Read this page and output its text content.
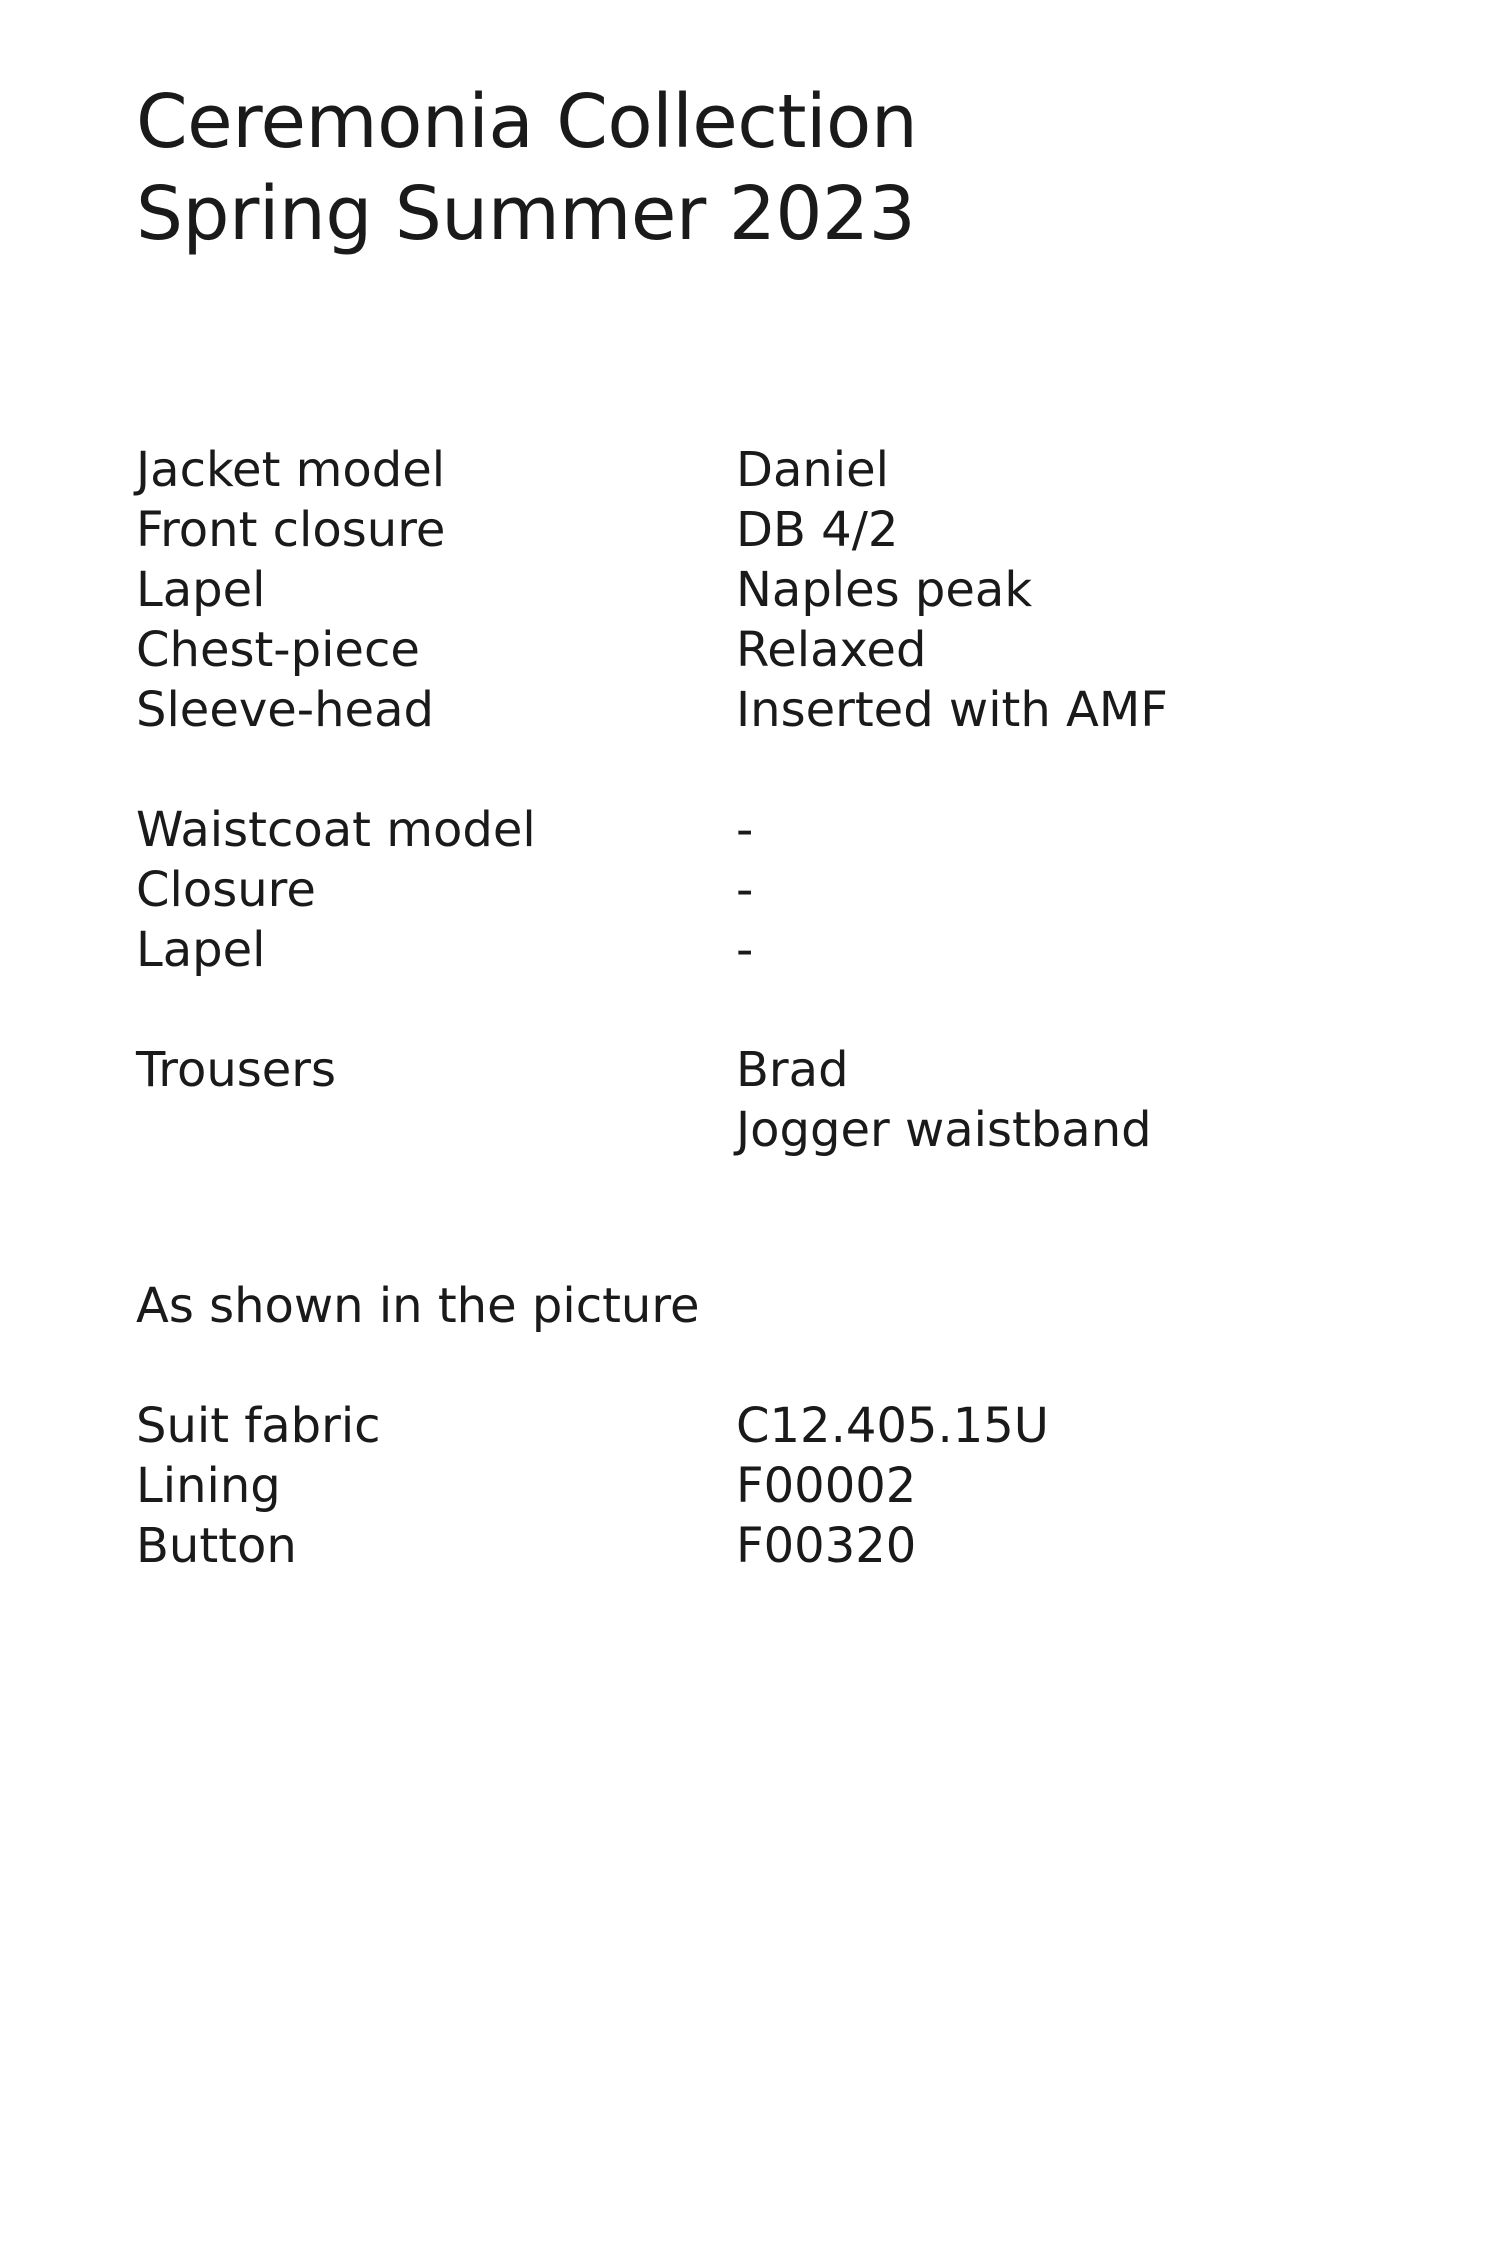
Ceremonia Collection
Spring Summer 2023
Jacket model	Daniel
Front closure	DB 4/2
Lapel	Naples peak
Chest-piece	Relaxed
Sleeve-head	Inserted with AMF
Waistcoat model	-
Closure	-
Lapel	-
Trousers	Brad
Jogger waistband
As shown in the picture
Suit fabric	C12.405.15U
Lining	F00002
Button	F00320
